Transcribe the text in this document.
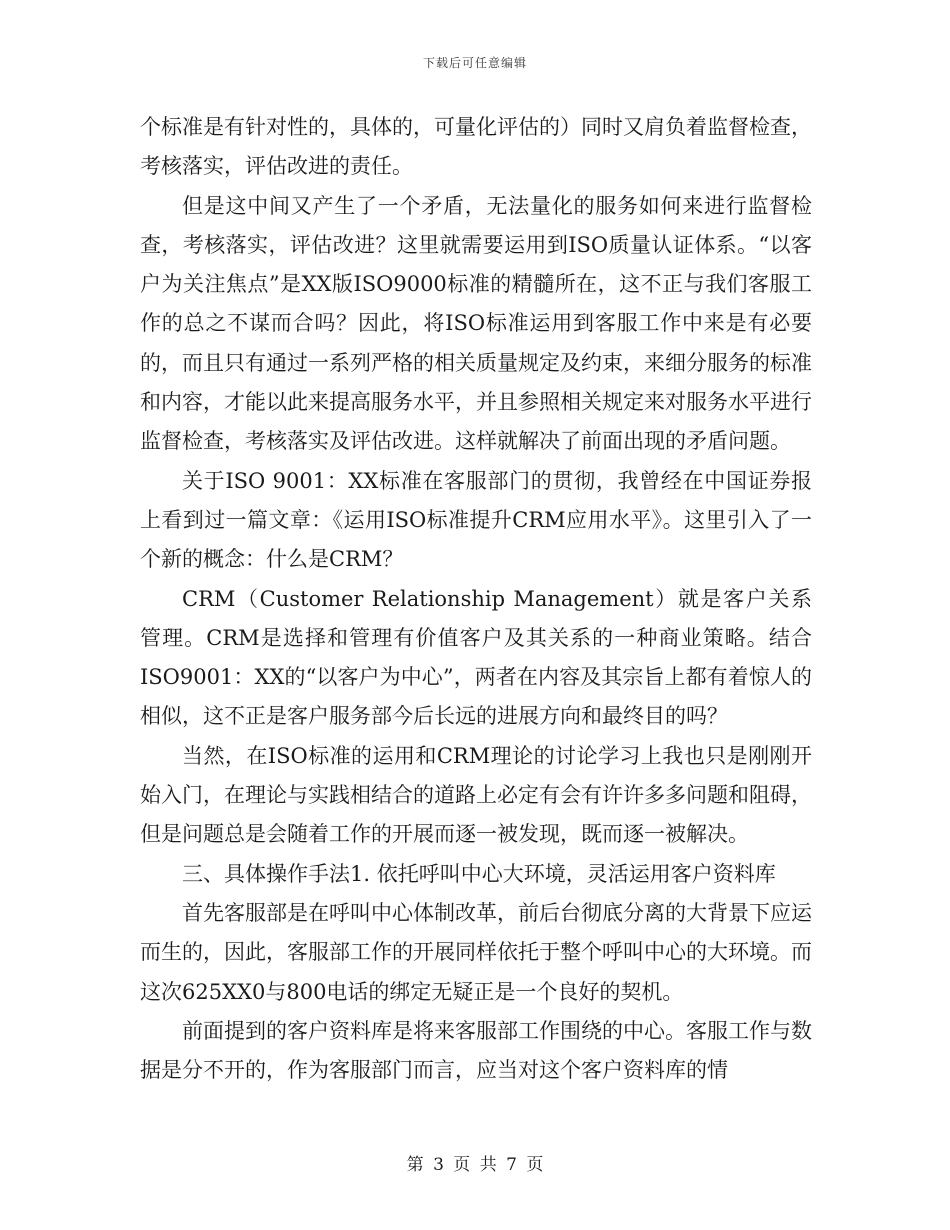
下载后可任意编辑

个标准是有针对性的，具体的，可量化评估的）同时又肩负着监督检查，考核落实，评估改进的责任。

但是这中间又产生了一个矛盾，无法量化的服务如何来进行监督检查，考核落实，评估改进？这里就需要运用到ISO质量认证体系。“以客户为关注焦点”是XX版ISO9000标准的精髓所在，这不正与我们客服工作的总之不谋而合吗？因此，将ISO标准运用到客服工作中来是有必要的，而且只有通过一系列严格的相关质量规定及约束，来细分服务的标准和内容，才能以此来提高服务水平，并且参照相关规定来对服务水平进行监督检查，考核落实及评估改进。这样就解决了前面出现的矛盾问题。

关于ISO 9001：XX标准在客服部门的贯彻，我曾经在中国证券报上看到过一篇文章：《运用ISO标准提升CRM应用水平》。这里引入了一个新的概念：什么是CRM？

CRM（Customer Relationship Management）就是客户关系管理。CRM是选择和管理有价值客户及其关系的一种商业策略。结合ISO9001：XX的“以客户为中心”，两者在内容及其宗旨上都有着惊人的相似，这不正是客户服务部今后长远的进展方向和最终目的吗？

当然，在ISO标准的运用和CRM理论的讨论学习上我也只是刚刚开始入门，在理论与实践相结合的道路上必定有会有许许多多问题和阻碍，但是问题总是会随着工作的开展而逐一被发现，既而逐一被解决。

三、具体操作手法1. 依托呼叫中心大环境，灵活运用客户资料库

首先客服部是在呼叫中心体制改革，前后台彻底分离的大背景下应运而生的，因此，客服部工作的开展同样依托于整个呼叫中心的大环境。而这次625XX0与800电话的绑定无疑正是一个良好的契机。

前面提到的客户资料库是将来客服部工作围绕的中心。客服工作与数据是分不开的，作为客服部门而言，应当对这个客户资料库的情

第 3 页 共 7 页
